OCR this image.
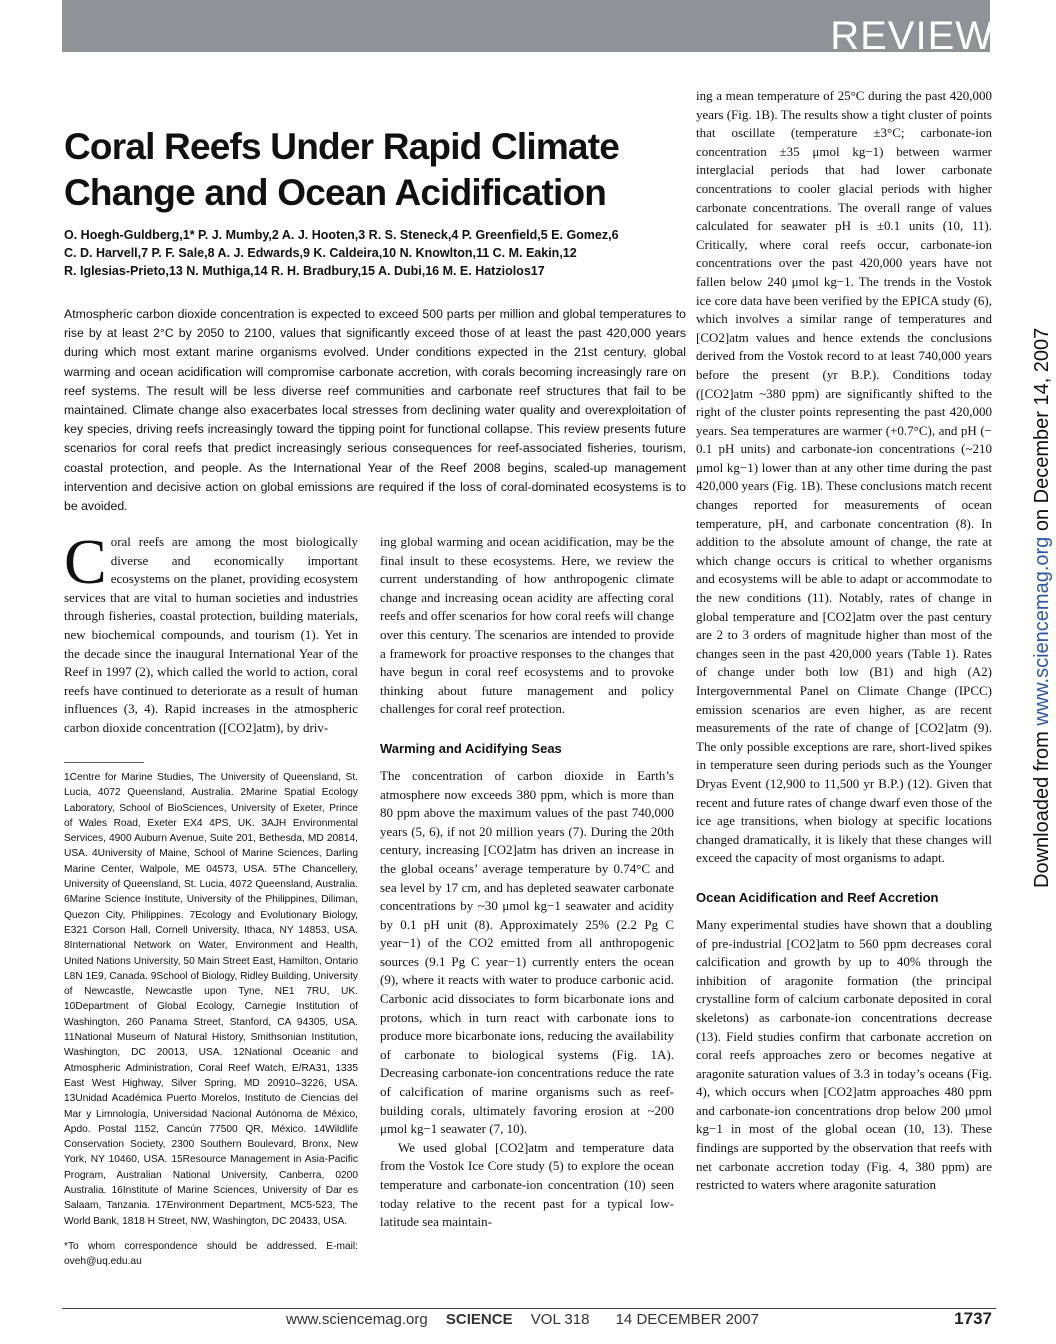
REVIEW
Downloaded from www.sciencemag.org on December 14, 2007
Coral Reefs Under Rapid Climate
Change and Ocean Acidification
O. Hoegh-Guldberg,1* P. J. Mumby,2 A. J. Hooten,3 R. S. Steneck,4 P. Greenfield,5 E. Gomez,6
C. D. Harvell,7 P. F. Sale,8 A. J. Edwards,9 K. Caldeira,10 N. Knowlton,11 C. M. Eakin,12
R. Iglesias-Prieto,13 N. Muthiga,14 R. H. Bradbury,15 A. Dubi,16 M. E. Hatziolos17
Atmospheric carbon dioxide concentration is expected to exceed 500 parts per million and global temperatures to rise by at least 2°C by 2050 to 2100, values that significantly exceed those of at least the past 420,000 years during which most extant marine organisms evolved. Under conditions expected in the 21st century, global warming and ocean acidification will compromise carbonate accretion, with corals becoming increasingly rare on reef systems. The result will be less diverse reef communities and carbonate reef structures that fail to be maintained. Climate change also exacerbates local stresses from declining water quality and overexploitation of key species, driving reefs increasingly toward the tipping point for functional collapse. This review presents future scenarios for coral reefs that predict increasingly serious consequences for reef-associated fisheries, tourism, coastal protection, and people. As the International Year of the Reef 2008 begins, scaled-up management intervention and decisive action on global emissions are required if the loss of coral-dominated ecosystems is to be avoided.
C oral reefs are among the most biologically diverse and economically important ecosystems on the planet, providing ecosystem services that are vital to human societies and industries through fisheries, coastal protection, building materials, new biochemical compounds, and tourism (1). Yet in the decade since the inaugural International Year of the Reef in 1997 (2), which called the world to action, coral reefs have continued to deteriorate as a result of human influences (3, 4). Rapid increases in the atmospheric carbon dioxide concentration ([CO2]atm), by driv-
1Centre for Marine Studies, The University of Queensland, St. Lucia, 4072 Queensland, Australia. 2Marine Spatial Ecology Laboratory, School of BioSciences, University of Exeter, Prince of Wales Road, Exeter EX4 4PS, UK. 3AJH Environmental Services, 4900 Auburn Avenue, Suite 201, Bethesda, MD 20814, USA. 4University of Maine, School of Marine Sciences, Darling Marine Center, Walpole, ME 04573, USA. 5The Chancellery, University of Queensland, St. Lucia, 4072 Queensland, Australia. 6Marine Science Institute, University of the Philippines, Diliman, Quezon City, Philippines. 7Ecology and Evolutionary Biology, E321 Corson Hall, Cornell University, Ithaca, NY 14853, USA. 8International Network on Water, Environment and Health, United Nations University, 50 Main Street East, Hamilton, Ontario L8N 1E9, Canada. 9School of Biology, Ridley Building, University of Newcastle, Newcastle upon Tyne, NE1 7RU, UK. 10Department of Global Ecology, Carnegie Institution of Washington, 260 Panama Street, Stanford, CA 94305, USA. 11National Museum of Natural History, Smithsonian Institution, Washington, DC 20013, USA. 12National Oceanic and Atmospheric Administration, Coral Reef Watch, E/RA31, 1335 East West Highway, Silver Spring, MD 20910–3226, USA. 13Unidad Académica Puerto Morelos, Instituto de Ciencias del Mar y Limnología, Universidad Nacional Autónoma de México, Apdo. Postal 1152, Cancún 77500 QR, México. 14Wildlife Conservation Society, 2300 Southern Boulevard, Bronx, New York, NY 10460, USA. 15Resource Management in Asia-Pacific Program, Australian National University, Canberra, 0200 Australia. 16Institute of Marine Sciences, University of Dar es Salaam, Tanzania. 17Environment Department, MC5-523, The World Bank, 1818 H Street, NW, Washington, DC 20433, USA.
*To whom correspondence should be addressed. E-mail: oveh@uq.edu.au
ing global warming and ocean acidification, may be the final insult to these ecosystems. Here, we review the current understanding of how anthropogenic climate change and increasing ocean acidity are affecting coral reefs and offer scenarios for how coral reefs will change over this century. The scenarios are intended to provide a framework for proactive responses to the changes that have begun in coral reef ecosystems and to provoke thinking about future management and policy challenges for coral reef protection.
Warming and Acidifying Seas
The concentration of carbon dioxide in Earth’s atmosphere now exceeds 380 ppm, which is more than 80 ppm above the maximum values of the past 740,000 years (5, 6), if not 20 million years (7). During the 20th century, increasing [CO2]atm has driven an increase in the global oceans’ average temperature by 0.74°C and sea level by 17 cm, and has depleted seawater carbonate concentrations by ~30 μmol kg−1 seawater and acidity by 0.1 pH unit (8). Approximately 25% (2.2 Pg C year−1) of the CO2 emitted from all anthropogenic sources (9.1 Pg C year−1) currently enters the ocean (9), where it reacts with water to produce carbonic acid. Carbonic acid dissociates to form bicarbonate ions and protons, which in turn react with carbonate ions to produce more bicarbonate ions, reducing the availability of carbonate to biological systems (Fig. 1A). Decreasing carbonate-ion concentrations reduce the rate of calcification of marine organisms such as reef-building corals, ultimately favoring erosion at ~200 μmol kg−1 seawater (7, 10).
We used global [CO2]atm and temperature data from the Vostok Ice Core study (5) to explore the ocean temperature and carbonate-ion concentration (10) seen today relative to the recent past for a typical low-latitude sea maintain-
ing a mean temperature of 25°C during the past 420,000 years (Fig. 1B). The results show a tight cluster of points that oscillate (temperature ±3°C; carbonate-ion concentration ±35 μmol kg−1) between warmer interglacial periods that had lower carbonate concentrations to cooler glacial periods with higher carbonate concentrations. The overall range of values calculated for seawater pH is ±0.1 units (10, 11). Critically, where coral reefs occur, carbonate-ion concentrations over the past 420,000 years have not fallen below 240 μmol kg−1. The trends in the Vostok ice core data have been verified by the EPICA study (6), which involves a similar range of temperatures and [CO2]atm values and hence extends the conclusions derived from the Vostok record to at least 740,000 years before the present (yr B.P.). Conditions today ([CO2]atm ~380 ppm) are significantly shifted to the right of the cluster points representing the past 420,000 years. Sea temperatures are warmer (+0.7°C), and pH (− 0.1 pH units) and carbonate-ion concentrations (~210 μmol kg−1) lower than at any other time during the past 420,000 years (Fig. 1B). These conclusions match recent changes reported for measurements of ocean temperature, pH, and carbonate concentration (8). In addition to the absolute amount of change, the rate at which change occurs is critical to whether organisms and ecosystems will be able to adapt or accommodate to the new conditions (11). Notably, rates of change in global temperature and [CO2]atm over the past century are 2 to 3 orders of magnitude higher than most of the changes seen in the past 420,000 years (Table 1). Rates of change under both low (B1) and high (A2) Intergovernmental Panel on Climate Change (IPCC) emission scenarios are even higher, as are recent measurements of the rate of change of [CO2]atm (9). The only possible exceptions are rare, short-lived spikes in temperature seen during periods such as the Younger Dryas Event (12,900 to 11,500 yr B.P.) (12). Given that recent and future rates of change dwarf even those of the ice age transitions, when biology at specific locations changed dramatically, it is likely that these changes will exceed the capacity of most organisms to adapt.
Ocean Acidification and Reef Accretion
Many experimental studies have shown that a doubling of pre-industrial [CO2]atm to 560 ppm decreases coral calcification and growth by up to 40% through the inhibition of aragonite formation (the principal crystalline form of calcium carbonate deposited in coral skeletons) as carbonate-ion concentrations decrease (13). Field studies confirm that carbonate accretion on coral reefs approaches zero or becomes negative at aragonite saturation values of 3.3 in today’s oceans (Fig. 4), which occurs when [CO2]atm approaches 480 ppm and carbonate-ion concentrations drop below 200 μmol kg−1 in most of the global ocean (10, 13). These findings are supported by the observation that reefs with net carbonate accretion today (Fig. 4, 380 ppm) are restricted to waters where aragonite saturation
www.sciencemag.org SCIENCE VOL 318 14 DECEMBER 2007	1737
